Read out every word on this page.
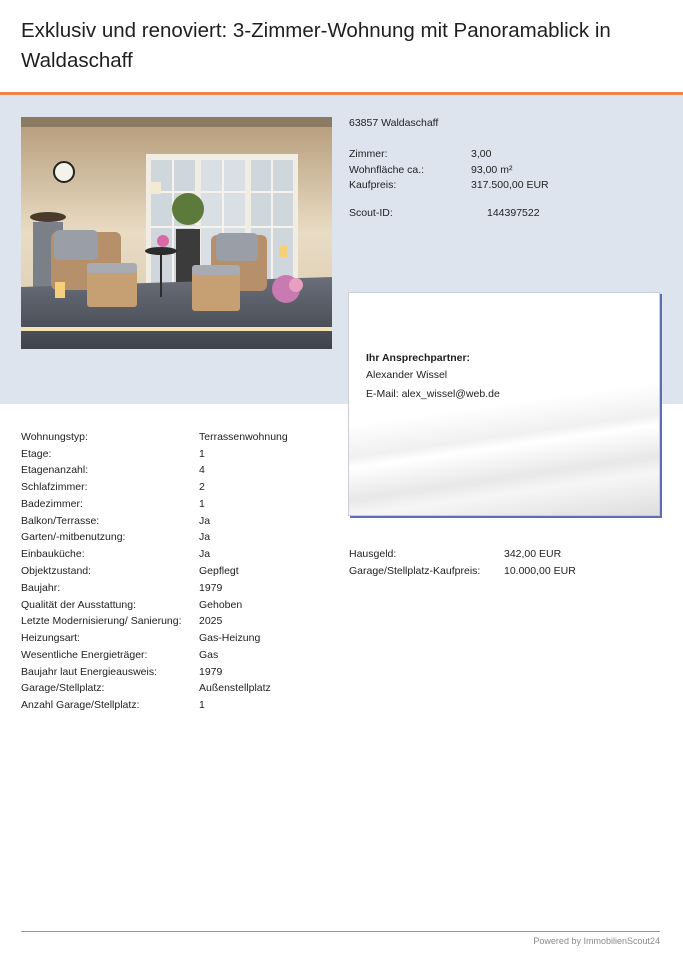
Exklusiv und renoviert: 3-Zimmer-Wohnung mit Panoramablick in Waldaschaff
63857 Waldaschaff
Zimmer:	3,00
Wohnfläche ca.:	93,00 m²
Kaufpreis:	317.500,00 EUR
Scout-ID:	144397522
Ihr Ansprechpartner:
Alexander Wissel
E-Mail: alex_wissel@web.de
Wohnungstyp:	Terrassenwohnung
Etage:	1
Etagenanzahl:	4
Schlafzimmer:	2
Badezimmer:	1
Balkon/Terrasse:	Ja
Garten/-mitbenutzung:	Ja
Einbauküche:	Ja
Objektzustand:	Gepflegt
Baujahr:	1979
Qualität der Ausstattung:	Gehoben
Letzte Modernisierung/ Sanierung: 2025
Heizungsart:	Gas-Heizung
Wesentliche Energieträger:	Gas
Baujahr laut Energieausweis:	1979
Garage/Stellplatz:	Außenstellplatz
Anzahl Garage/Stellplatz:	1
Hausgeld:	342,00 EUR
Garage/Stellplatz-Kaufpreis: 10.000,00 EUR
Powered by ImmobilienScout24
